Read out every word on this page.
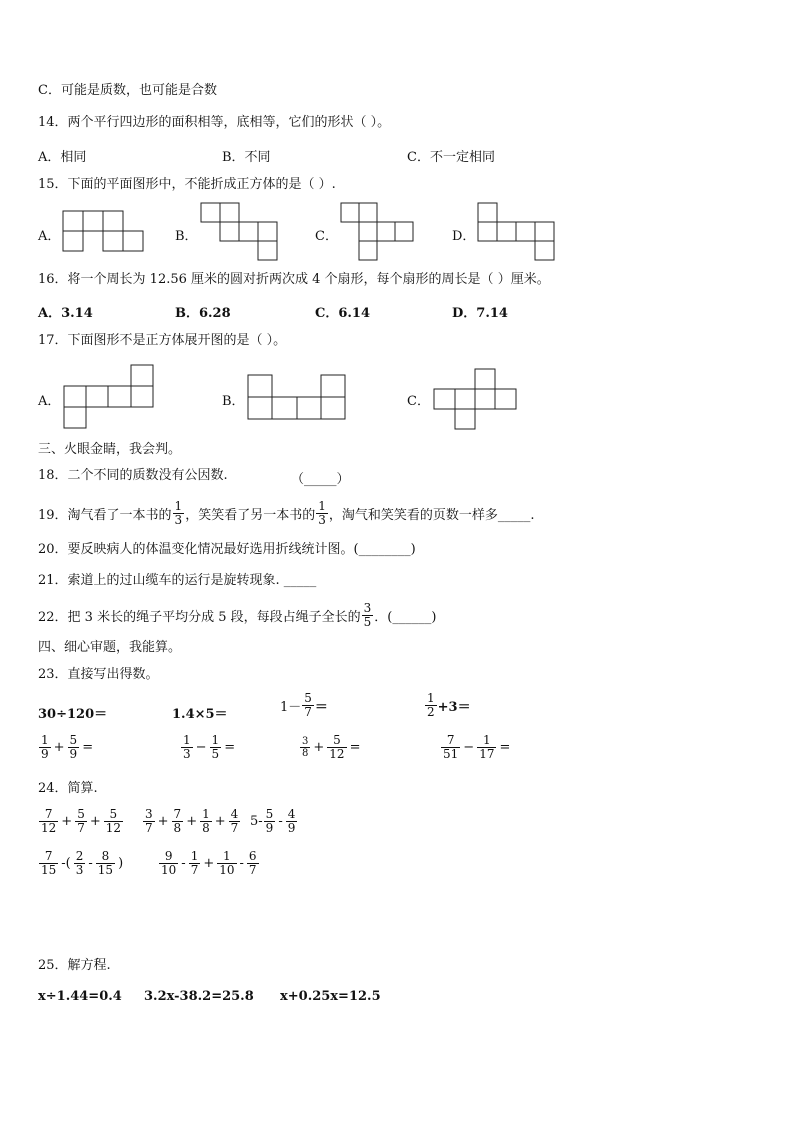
C．可能是质数，也可能是合数
14．两个平行四边形的面积相等，底相等，它们的形状（ ）。
A．相同	B．不同	C．不一定相同
15．下面的平面图形中，不能折成正方体的是（ ）.
A．	B．	C．	D．
16．将一个周长为 12.56 厘米的圆对折两次成 4 个扇形，每个扇形的周长是（ ）厘米。
A．3.14	B．6.28	C．6.14	D．7.14
17．下面图形不是正方体展开图的是（ ）。
A．	B．	C．
三、火眼金睛，我会判。
18．二个不同的质数没有公因数.	（_____）
19．淘气看了一本书的 $\frac{1}{3}$ ，笑笑看了另一本书的 $\frac{1}{3}$ ，淘气和笑笑看的页数一样多_____.
20．要反映病人的体温变化情况最好选用折线统计图。(________)
21．索道上的过山缆车的运行是旋转现象. _____
22．把 3 米长的绳子平均分成 5 段，每段占绳子全长的 $\frac{3}{5}$ ．(______)
四、细心审题，我能算。
23．直接写出得数。
30÷120＝	1.4×5＝	$1- \frac{5}{7}$ ＝	$\frac{1}{2} +3=$
$\frac{1}{9} + \frac{5}{9}$ =	$\frac{1}{3} - \frac{1}{5}$ =	$\frac{3}{8} + \frac{5}{12}$ =	$\frac{7}{51} - \frac{1}{17}$ =
24．简算.
$\frac{7}{12} + \frac{5}{7} + \frac{5}{12} \frac{3}{7} + \frac{7}{8} + \frac{1}{8} + \frac{4}{7} 5- \frac{5}{9} - \frac{4}{9}$
$\frac{7}{15}$ -( $\frac{2}{3} - \frac{8}{15}$ )	$\frac{9}{10} - \frac{1}{7} + \frac{1}{10} - \frac{6}{7}$
25．解方程.
x÷1.44=0.4 3.2x-38.2=25.8 x+0.25x=12.5
